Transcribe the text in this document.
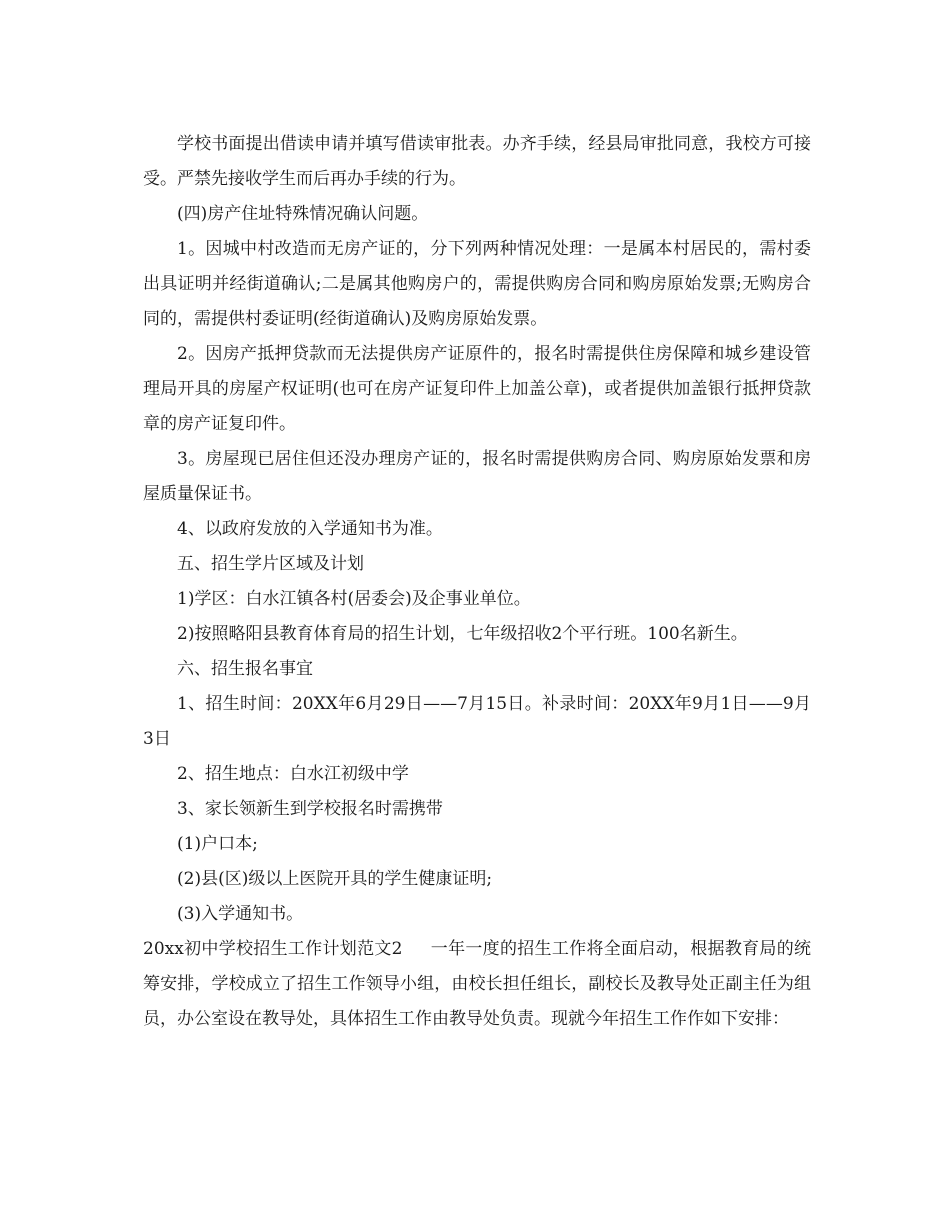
学校书面提出借读申请并填写借读审批表。办齐手续，经县局审批同意，我校方可接受。严禁先接收学生而后再办手续的行为。

(四)房产住址特殊情况确认问题。

1。因城中村改造而无房产证的，分下列两种情况处理：一是属本村居民的，需村委出具证明并经街道确认;二是属其他购房户的，需提供购房合同和购房原始发票;无购房合同的，需提供村委证明(经街道确认)及购房原始发票。

2。因房产抵押贷款而无法提供房产证原件的，报名时需提供住房保障和城乡建设管理局开具的房屋产权证明(也可在房产证复印件上加盖公章)，或者提供加盖银行抵押贷款章的房产证复印件。

3。房屋现已居住但还没办理房产证的，报名时需提供购房合同、购房原始发票和房屋质量保证书。

4、以政府发放的入学通知书为准。

五、招生学片区域及计划

1)学区：白水江镇各村(居委会)及企事业单位。

2)按照略阳县教育体育局的招生计划，七年级招收2个平行班。100名新生。

六、招生报名事宜

1、招生时间：20XX年6月29日——7月15日。补录时间：20XX年9月1日——9月3日

2、招生地点：白水江初级中学

3、家长领新生到学校报名时需携带

(1)户口本;

(2)县(区)级以上医院开具的学生健康证明;

(3)入学通知书。

20xx初中学校招生工作计划范文2 一年一度的招生工作将全面启动，根据教育局的统筹安排，学校成立了招生工作领导小组，由校长担任组长，副校长及教导处正副主任为组员，办公室设在教导处，具体招生工作由教导处负责。现就今年招生工作作如下安排：
